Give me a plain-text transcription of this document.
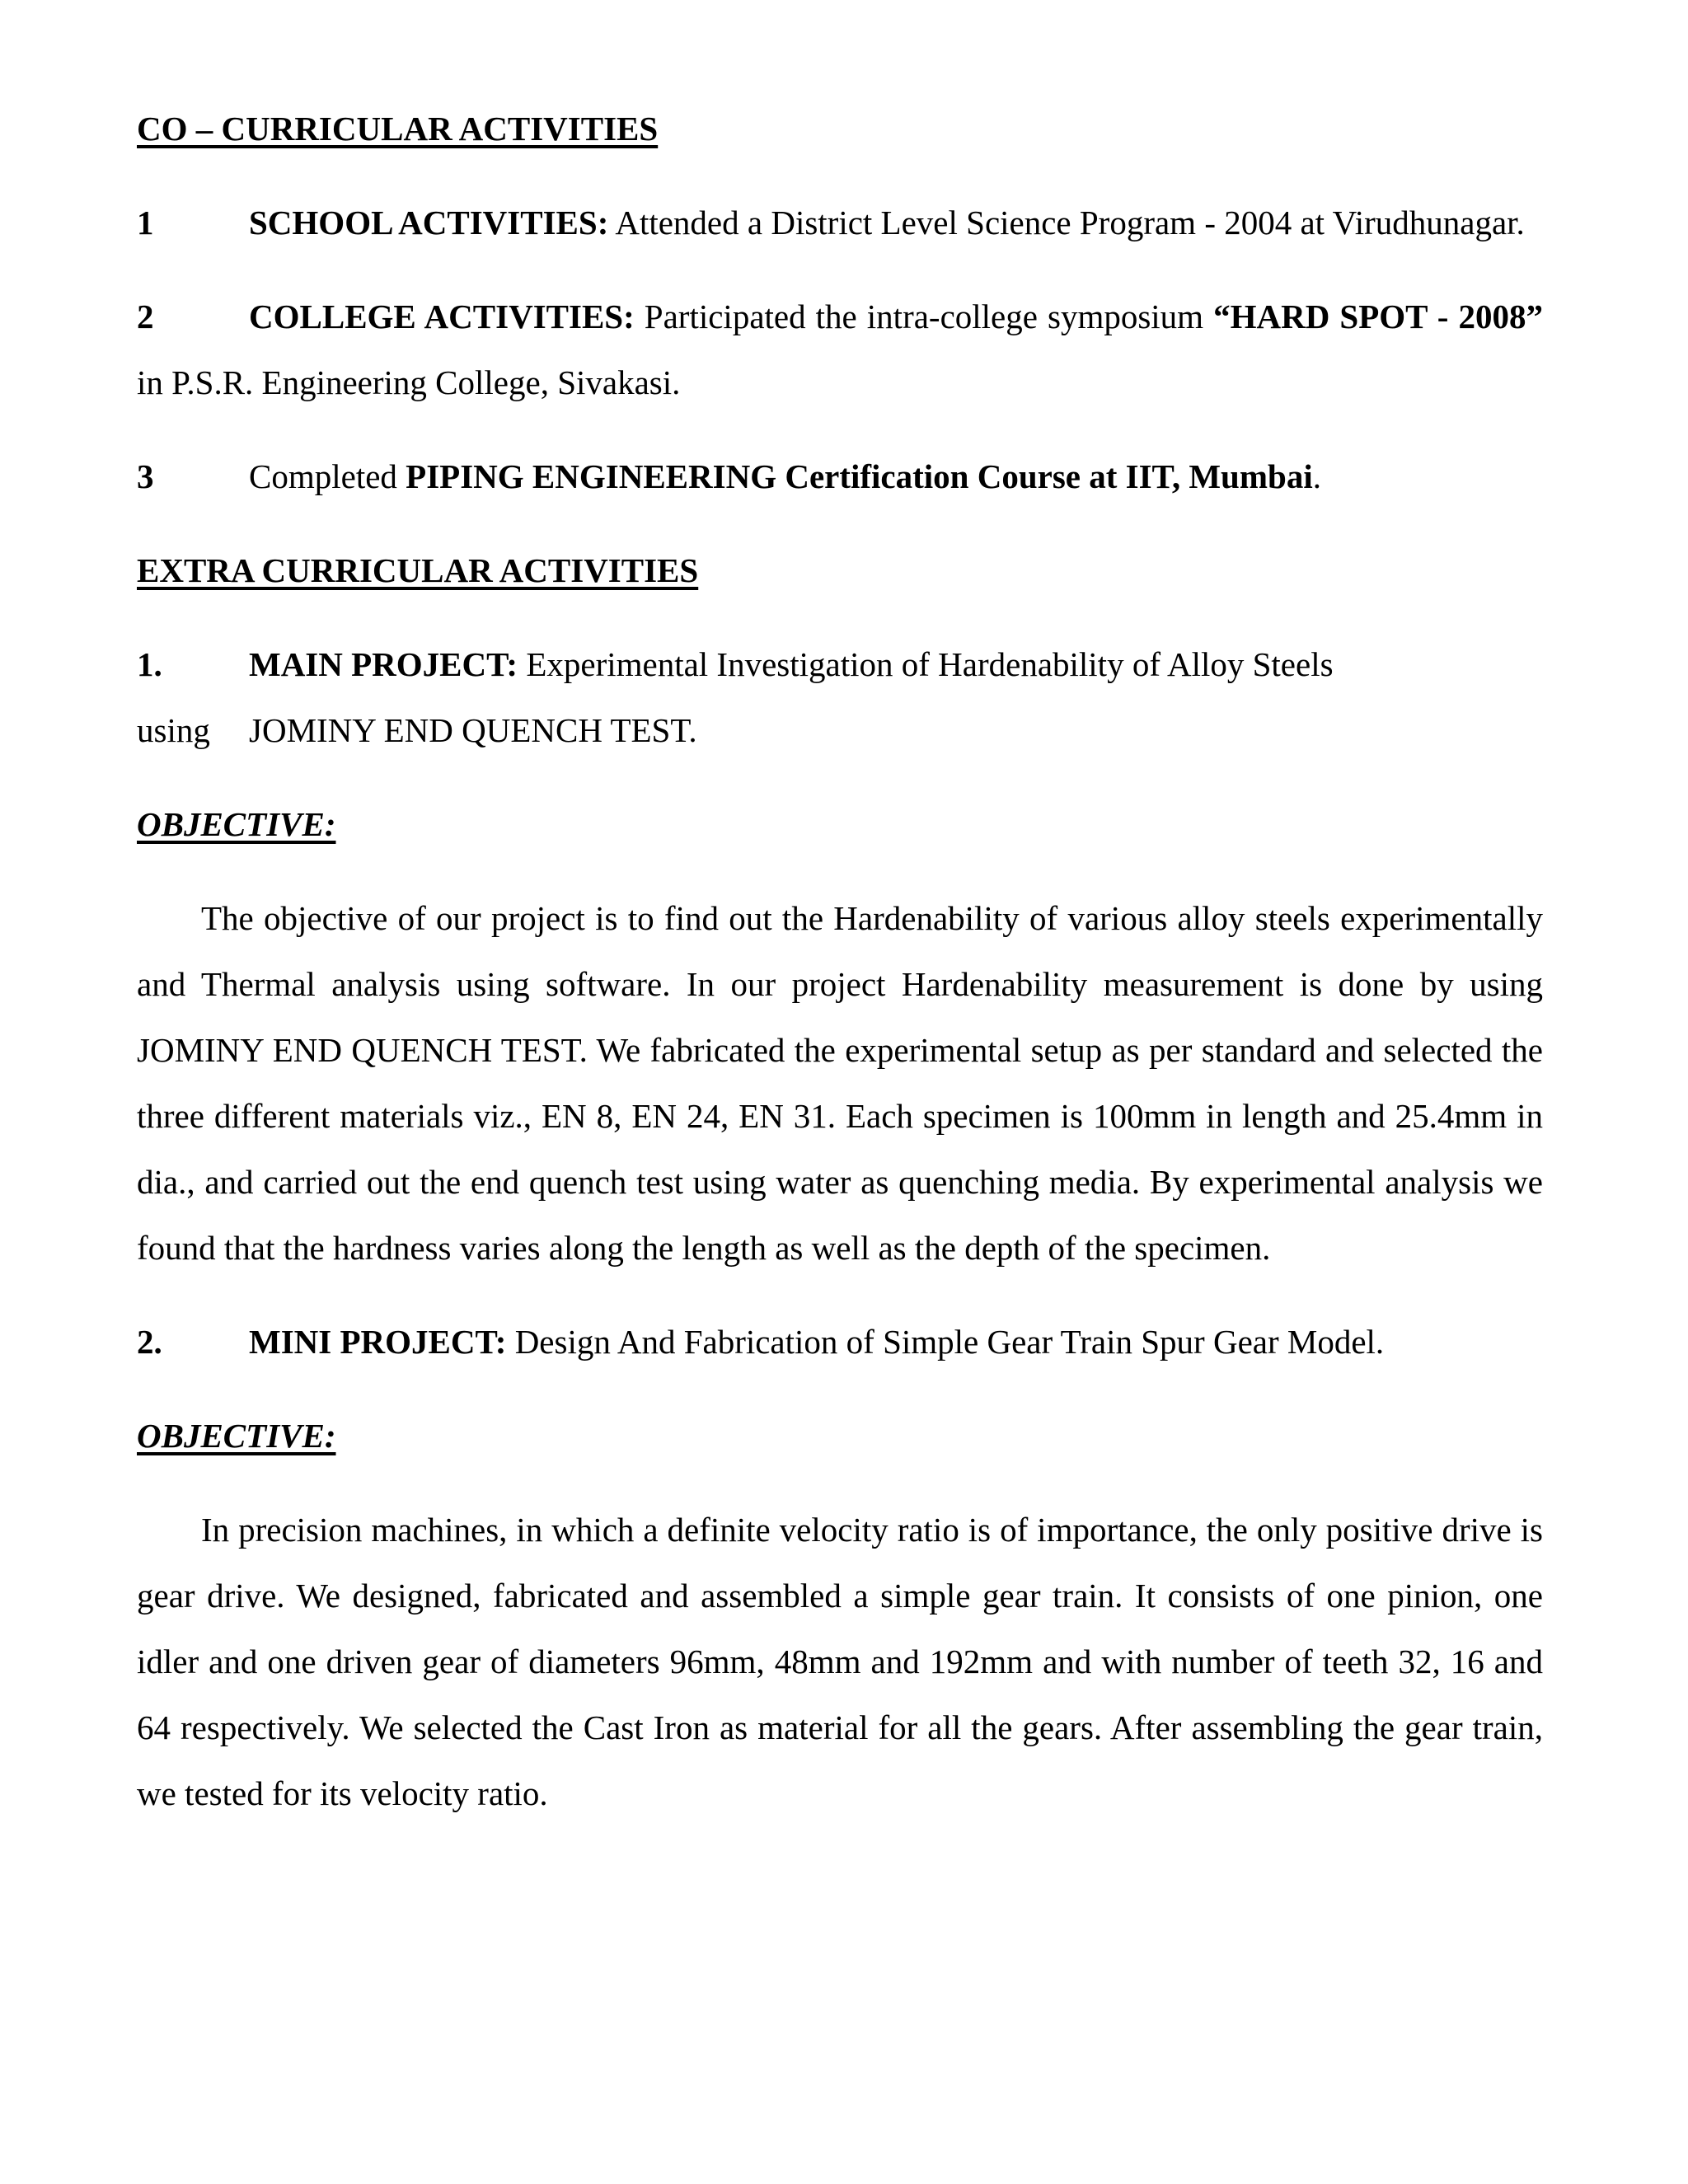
CO – CURRICULAR ACTIVITIES
1	SCHOOL ACTIVITIES: Attended a District Level Science Program - 2004 at Virudhunagar.
2	COLLEGE ACTIVITIES: Participated the intra-college symposium “HARD SPOT - 2008” in P.S.R. Engineering College, Sivakasi.
3	Completed PIPING ENGINEERING Certification Course at IIT, Mumbai.
EXTRA CURRICULAR ACTIVITIES
1.	MAIN PROJECT: Experimental Investigation of Hardenability of Alloy Steels
using JOMINY END QUENCH TEST.
OBJECTIVE:
The objective of our project is to find out the Hardenability of various alloy steels experimentally and Thermal analysis using software. In our project Hardenability measurement is done by using JOMINY END QUENCH TEST. We fabricated the experimental setup as per standard and selected the three different materials viz., EN 8, EN 24, EN 31. Each specimen is 100mm in length and 25.4mm in dia., and carried out the end quench test using water as quenching media. By experimental analysis we found that the hardness varies along the length as well as the depth of the specimen.
2.	MINI PROJECT: Design And Fabrication of Simple Gear Train Spur Gear Model.
OBJECTIVE:
In precision machines, in which a definite velocity ratio is of importance, the only positive drive is gear drive. We designed, fabricated and assembled a simple gear train. It consists of one pinion, one idler and one driven gear of diameters 96mm, 48mm and 192mm and with number of teeth 32, 16 and 64 respectively. We selected the Cast Iron as material for all the gears. After assembling the gear train, we tested for its velocity ratio.
